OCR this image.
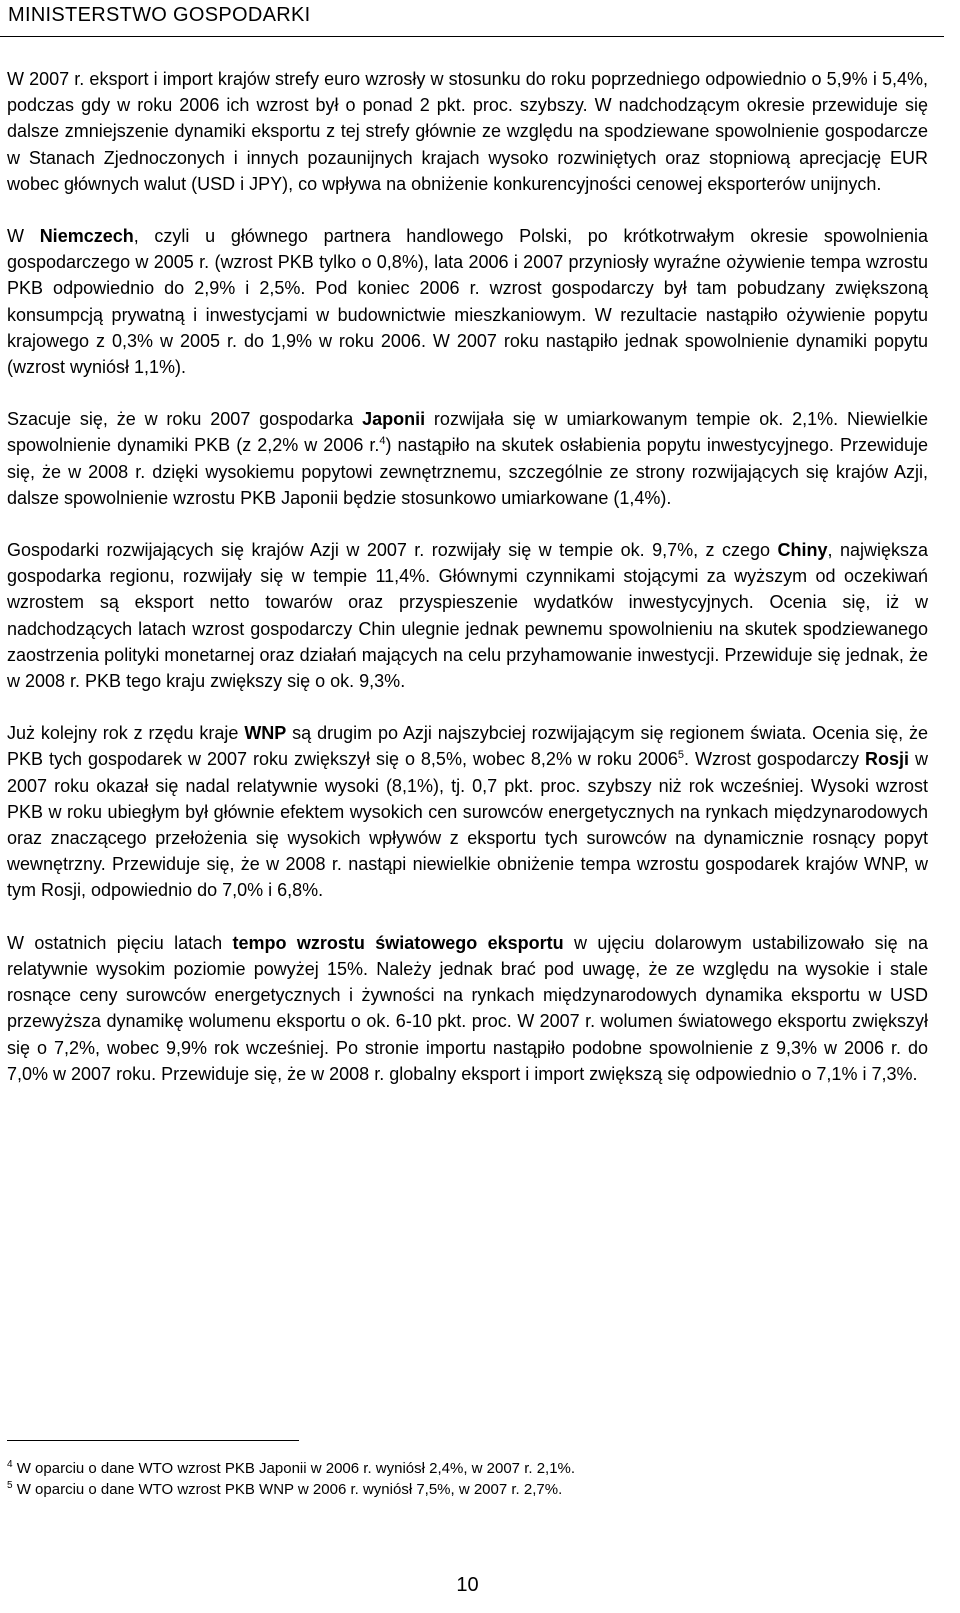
MINISTERSTWO GOSPODARKI

W 2007 r. eksport i import krajów strefy euro wzrosły w stosunku do roku poprzedniego odpowiednio o 5,9% i 5,4%, podczas gdy w roku 2006 ich wzrost był o ponad 2 pkt. proc. szybszy. W nadchodzącym okresie przewiduje się dalsze zmniejszenie dynamiki eksportu z tej strefy głównie ze względu na spodziewane spowolnienie gospodarcze w Stanach Zjednoczonych i innych pozaunijnych krajach wysoko rozwiniętych oraz stopniową aprecjację EUR wobec głównych walut (USD i JPY), co wpływa na obniżenie konkurencyjności cenowej eksporterów unijnych.

W Niemczech, czyli u głównego partnera handlowego Polski, po krótkotrwałym okresie spowolnienia gospodarczego w 2005 r. (wzrost PKB tylko o 0,8%), lata 2006 i 2007 przyniosły wyraźne ożywienie tempa wzrostu PKB odpowiednio do 2,9% i 2,5%. Pod koniec 2006 r. wzrost gospodarczy był tam pobudzany zwiększoną konsumpcją prywatną i inwestycjami w budownictwie mieszkaniowym. W rezultacie nastąpiło ożywienie popytu krajowego z 0,3% w 2005 r. do 1,9% w roku 2006. W 2007 roku nastąpiło jednak spowolnienie dynamiki popytu (wzrost wyniósł 1,1%).

Szacuje się, że w roku 2007 gospodarka Japonii rozwijała się w umiarkowanym tempie ok. 2,1%. Niewielkie spowolnienie dynamiki PKB (z 2,2% w 2006 r.$^4$) nastąpiło na skutek osłabienia popytu inwestycyjnego. Przewiduje się, że w 2008 r. dzięki wysokiemu popytowi zewnętrznemu, szczególnie ze strony rozwijających się krajów Azji, dalsze spowolnienie wzrostu PKB Japonii będzie stosunkowo umiarkowane (1,4%).

Gospodarki rozwijających się krajów Azji w 2007 r. rozwijały się w tempie ok. 9,7%, z czego Chiny, największa gospodarka regionu, rozwijały się w tempie 11,4%. Głównymi czynnikami stojącymi za wyższym od oczekiwań wzrostem są eksport netto towarów oraz przyspieszenie wydatków inwestycyjnych. Ocenia się, iż w nadchodzących latach wzrost gospodarczy Chin ulegnie jednak pewnemu spowolnieniu na skutek spodziewanego zaostrzenia polityki monetarnej oraz działań mających na celu przyhamowanie inwestycji. Przewiduje się jednak, że w 2008 r. PKB tego kraju zwiększy się o ok. 9,3%.

Już kolejny rok z rzędu kraje WNP są drugim po Azji najszybciej rozwijającym się regionem świata. Ocenia się, że PKB tych gospodarek w 2007 roku zwiększył się o 8,5%, wobec 8,2% w roku 2006$^5$. Wzrost gospodarczy Rosji w 2007 roku okazał się nadal relatywnie wysoki (8,1%), tj. 0,7 pkt. proc. szybszy niż rok wcześniej. Wysoki wzrost PKB w roku ubiegłym był głównie efektem wysokich cen surowców energetycznych na rynkach międzynarodowych oraz znaczącego przełożenia się wysokich wpływów z eksportu tych surowców na dynamicznie rosnący popyt wewnętrzny. Przewiduje się, że w 2008 r. nastąpi niewielkie obniżenie tempa wzrostu gospodarek krajów WNP, w tym Rosji, odpowiednio do 7,0% i 6,8%.

W ostatnich pięciu latach tempo wzrostu światowego eksportu w ujęciu dolarowym ustabilizowało się na relatywnie wysokim poziomie powyżej 15%. Należy jednak brać pod uwagę, że ze względu na wysokie i stale rosnące ceny surowców energetycznych i żywności na rynkach międzynarodowych dynamika eksportu w USD przewyższa dynamikę wolumenu eksportu o ok. 6-10 pkt. proc. W 2007 r. wolumen światowego eksportu zwiększył się o 7,2%, wobec 9,9% rok wcześniej. Po stronie importu nastąpiło podobne spowolnienie z 9,3% w 2006 r. do 7,0% w 2007 roku. Przewiduje się, że w 2008 r. globalny eksport i import zwiększą się odpowiednio o 7,1% i 7,3%.

$^4$ W oparciu o dane WTO wzrost PKB Japonii w 2006 r. wyniósł 2,4%, w 2007 r. 2,1%.
$^5$ W oparciu o dane WTO wzrost PKB WNP w 2006 r. wyniósł 7,5%, w 2007 r. 2,7%.
10
